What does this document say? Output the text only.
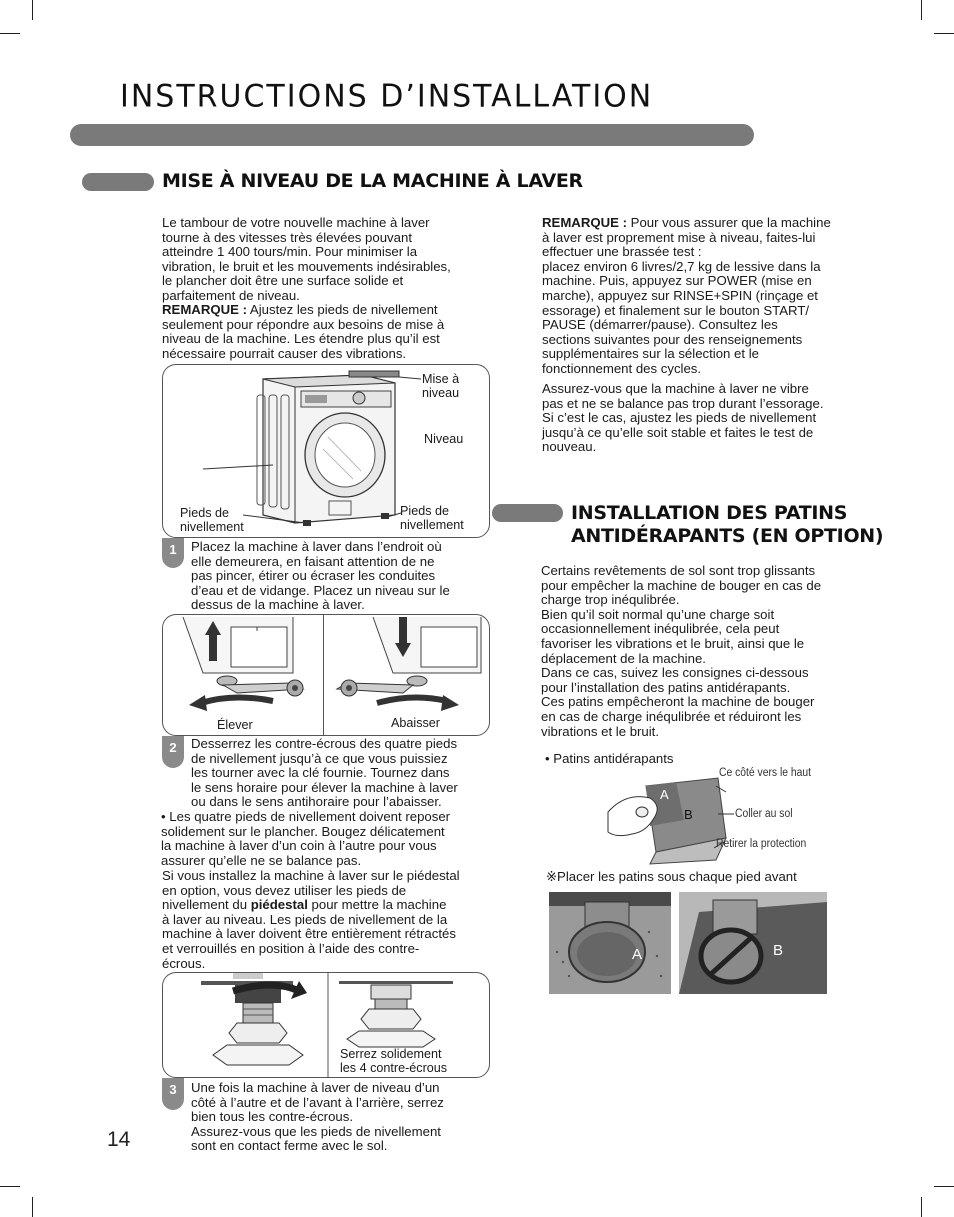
INSTRUCTIONS D’INSTALLATION
MISE À NIVEAU DE LA MACHINE À LAVER

Le tambour de votre nouvelle machine à laver
tourne à des vitesses très élevées pouvant
atteindre 1 400 tours/min. Pour minimiser la
vibration, le bruit et les mouvements indésirables,
le plancher doit être une surface solide et
parfaitement de niveau.

REMARQUE : Ajustez les pieds de nivellement
seulement pour répondre aux besoins de mise à
niveau de la machine. Les étendre plus qu’il est
nécessaire pourrait causer des vibrations.

Mise à
niveau
Niveau
Pieds de
nivellement
Pieds de
nivellement
1	Placez la machine à laver dans l’endroit où
elle demeurera, en faisant attention de ne
pas pincer, étirer ou écraser les conduites
d’eau et de vidange. Placez un niveau sur le
dessus de la machine à laver.

Élever	Abaisser
2	Desserrez les contre-écrous des quatre pieds
de nivellement jusqu’à ce que vous puissiez
les tourner avec la clé fournie. Tournez dans
le sens horaire pour élever la machine à laver
ou dans le sens antihoraire pour l’abaisser.

• Les quatre pieds de nivellement doivent reposer
solidement sur le plancher. Bougez délicatement
la machine à laver d’un coin à l’autre pour vous
assurer qu’elle ne se balance pas.

Si vous installez la machine à laver sur le piédestal
en option, vous devez utiliser les pieds de
nivellement du piédestal pour mettre la machine
à laver au niveau. Les pieds de nivellement de la
machine à laver doivent être entièrement rétractés
et verrouillés en position à l’aide des contre-
écrous.

Serrez solidement
les 4 contre-écrous
3	Une fois la machine à laver de niveau d’un
côté à l’autre et de l’avant à l’arrière, serrez
bien tous les contre-écrous.
Assurez-vous que les pieds de nivellement
sont en contact ferme avec le sol.

14

REMARQUE : Pour vous assurer que la machine
à laver est proprement mise à niveau, faites-lui
effectuer une brassée test :
placez environ 6 livres/2,7 kg de lessive dans la
machine. Puis, appuyez sur POWER (mise en
marche), appuyez sur RINSE+SPIN (rinçage et
essorage) et finalement sur le bouton START/
PAUSE (démarrer/pause). Consultez les
sections suivantes pour des renseignements
supplémentaires sur la sélection et le
fonctionnement des cycles.

Assurez-vous que la machine à laver ne vibre
pas et ne se balance pas trop durant l’essorage.
Si c’est le cas, ajustez les pieds de nivellement
jusqu’à ce qu’elle soit stable et faites le test de
nouveau.

INSTALLATION DES PATINS
ANTIDÉRAPANTS (EN OPTION)

Certains revêtements de sol sont trop glissants
pour empêcher la machine de bouger en cas de
charge trop inéqulibrée.
Bien qu’il soit normal qu’une charge soit
occasionnellement inéqulibrée, cela peut
favoriser les vibrations et le bruit, ainsi que le
déplacement de la machine.
Dans ce cas, suivez les consignes ci-dessous
pour l’installation des patins antidérapants.
Ces patins empêcheront la machine de bouger
en cas de charge inéqulibrée et réduiront les
vibrations et le bruit.

• Patins antidérapants

A
B
Ce côté vers le haut
Coller au sol
Retirer la protection

※Placer les patins sous chaque pied avant

A	B
